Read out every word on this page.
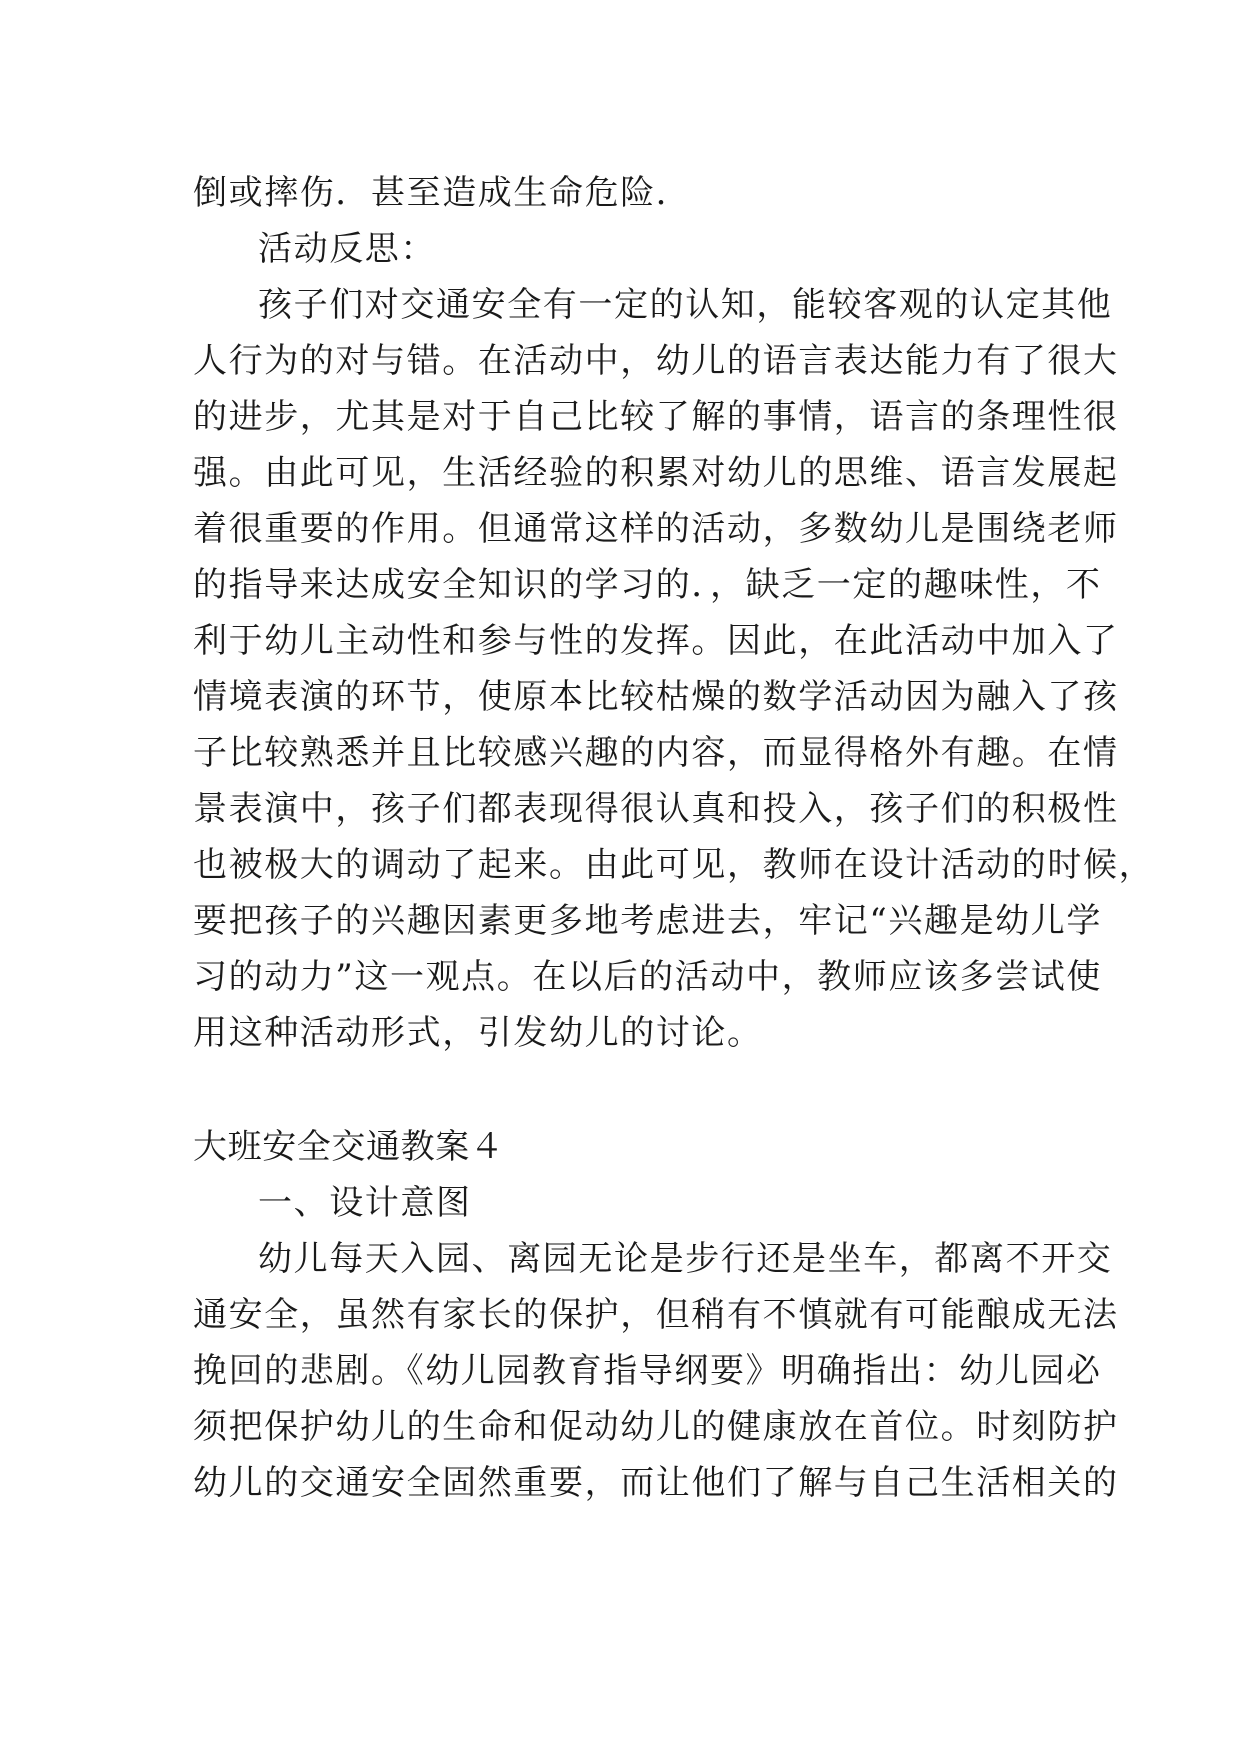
倒或摔伤．甚至造成生命危险．
活动反思：
孩子们对交通安全有一定的认知，能较客观的认定其他
人行为的对与错。在活动中，幼儿的语言表达能力有了很大
的进步，尤其是对于自己比较了解的事情，语言的条理性很
强。由此可见，生活经验的积累对幼儿的思维、语言发展起
着很重要的作用。但通常这样的活动，多数幼儿是围绕老师
的指导来达成安全知识的学习的．，缺乏一定的趣味性，不
利于幼儿主动性和参与性的发挥。因此，在此活动中加入了
情境表演的环节，使原本比较枯燥的数学活动因为融入了孩
子比较熟悉并且比较感兴趣的内容，而显得格外有趣。在情
景表演中，孩子们都表现得很认真和投入，孩子们的积极性
也被极大的调动了起来。由此可见，教师在设计活动的时候，
要把孩子的兴趣因素更多地考虑进去，牢记“兴趣是幼儿学
习的动力”这一观点。在以后的活动中，教师应该多尝试使
用这种活动形式，引发幼儿的讨论。
大班安全交通教案４
一、设计意图
幼儿每天入园、离园无论是步行还是坐车，都离不开交
通安全，虽然有家长的保护，但稍有不慎就有可能酿成无法
挽回的悲剧。《幼儿园教育指导纲要》明确指出：幼儿园必
须把保护幼儿的生命和促动幼儿的健康放在首位。时刻防护
幼儿的交通安全固然重要，而让他们了解与自己生活相关的
